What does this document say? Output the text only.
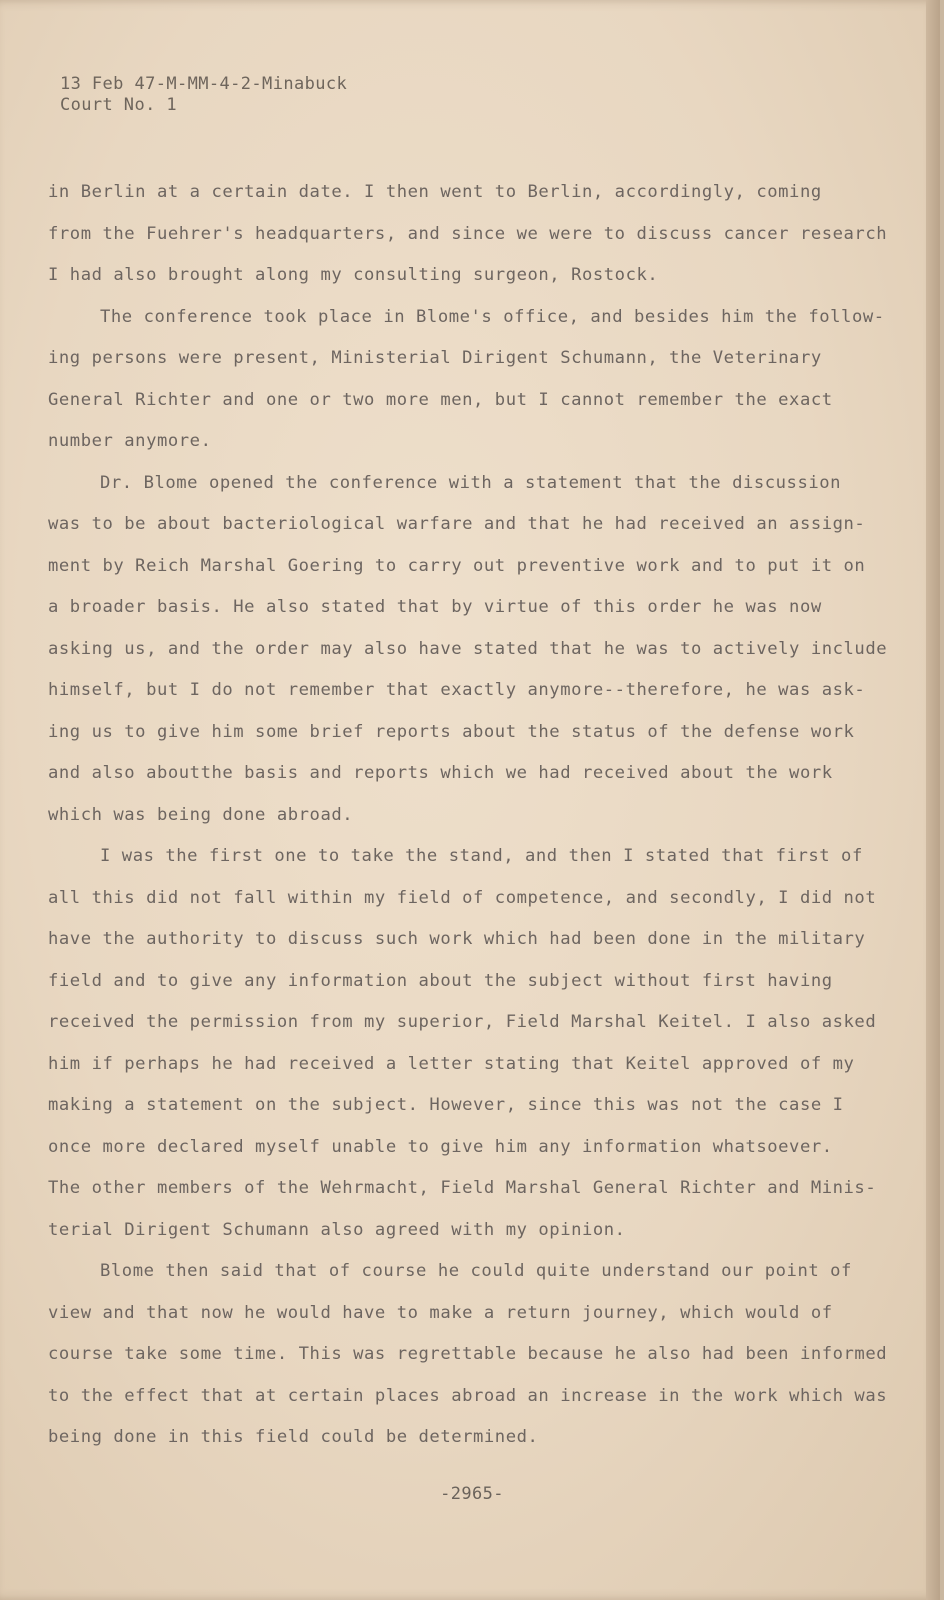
13 Feb 47-M-MM-4-2-Minabuck
Court No. 1
in Berlin at a certain date. I then went to Berlin, accordingly, coming
from the Fuehrer's headquarters, and since we were to discuss cancer research
I had also brought along my consulting surgeon, Rostock.
The conference took place in Blome's office, and besides him the follow-
ing persons were present, Ministerial Dirigent Schumann, the Veterinary
General Richter and one or two more men, but I cannot remember the exact
number anymore.
Dr. Blome opened the conference with a statement that the discussion
was to be about bacteriological warfare and that he had received an assign-
ment by Reich Marshal Goering to carry out preventive work and to put it on
a broader basis. He also stated that by virtue of this order he was now
asking us, and the order may also have stated that he was to actively include
himself, but I do not remember that exactly anymore--therefore, he was ask-
ing us to give him some brief reports about the status of the defense work
and also aboutthe basis and reports which we had received about the work
which was being done abroad.
I was the first one to take the stand, and then I stated that first of
all this did not fall within my field of competence, and secondly, I did not
have the authority to discuss such work which had been done in the military
field and to give any information about the subject without first having
received the permission from my superior, Field Marshal Keitel. I also asked
him if perhaps he had received a letter stating that Keitel approved of my
making a statement on the subject. However, since this was not the case I
once more declared myself unable to give him any information whatsoever.
The other members of the Wehrmacht, Field Marshal General Richter and Minis-
terial Dirigent Schumann also agreed with my opinion.
Blome then said that of course he could quite understand our point of
view and that now he would have to make a return journey, which would of
course take some time. This was regrettable because he also had been informed
to the effect that at certain places abroad an increase in the work which was
being done in this field could be determined.
-2965-
